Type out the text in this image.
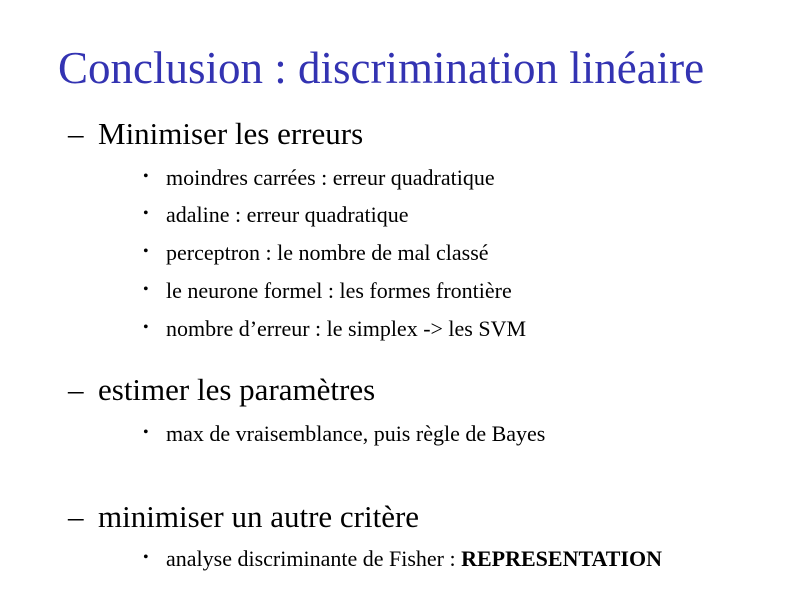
Conclusion : discrimination linéaire
– Minimiser les erreurs
• moindres carrées : erreur quadratique
• adaline : erreur quadratique
• perceptron : le nombre de mal classé
• le neurone formel : les formes frontière
• nombre d’erreur : le simplex -> les SVM
– estimer les paramètres
• max de vraisemblance, puis règle de Bayes
– minimiser un autre critère
• analyse discriminante de Fisher : REPRESENTATION
